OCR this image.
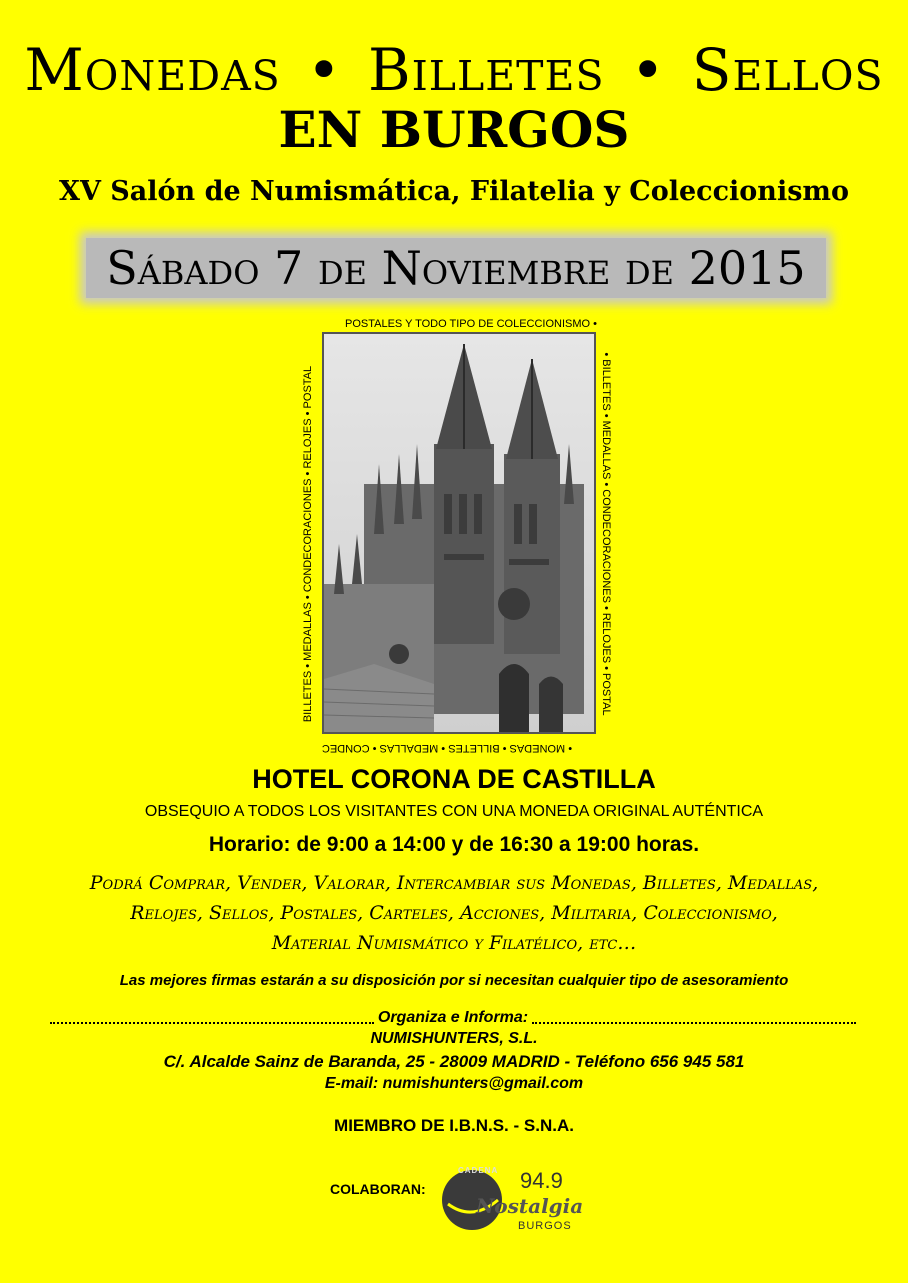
Monedas • Billetes • Sellos
EN BURGOS
XV Salón de Numismática, Filatelia y Coleccionismo
Sábado 7 de Noviembre de 2015
POSTALES Y TODO TIPO DE COLECCIONISMO •
• BILLETES • MEDALLAS • CONDECORACIONES • RELOJES • POSTAL
• MONEDAS • BILLETES • MEDALLAS • CONDEC
BILLETES • MEDALLAS • CONDECORACIONES • RELOJES • POSTAL
HOTEL CORONA DE CASTILLA
OBSEQUIO A TODOS LOS VISITANTES CON UNA MONEDA ORIGINAL AUTÉNTICA
Horario: de 9:00 a 14:00 y de 16:30 a 19:00 horas.
Podrá Comprar, Vender, Valorar, Intercambiar sus Monedas, Billetes, Medallas,
Relojes, Sellos, Postales, Carteles, Acciones, Militaria, Coleccionismo,
Material Numismático y Filatélico, etc…
Las mejores firmas estarán a su disposición por si necesitan cualquier tipo de asesoramiento
Organiza e Informa:
NUMISHUNTERS, S.L.
C/. Alcalde Sainz de Baranda, 25 - 28009 MADRID - Teléfono 656 945 581
E-mail: numishunters@gmail.com
MIEMBRO DE I.B.N.S. - S.N.A.
COLABORAN:
CADENA 94.9
Nostalgia
BURGOS
